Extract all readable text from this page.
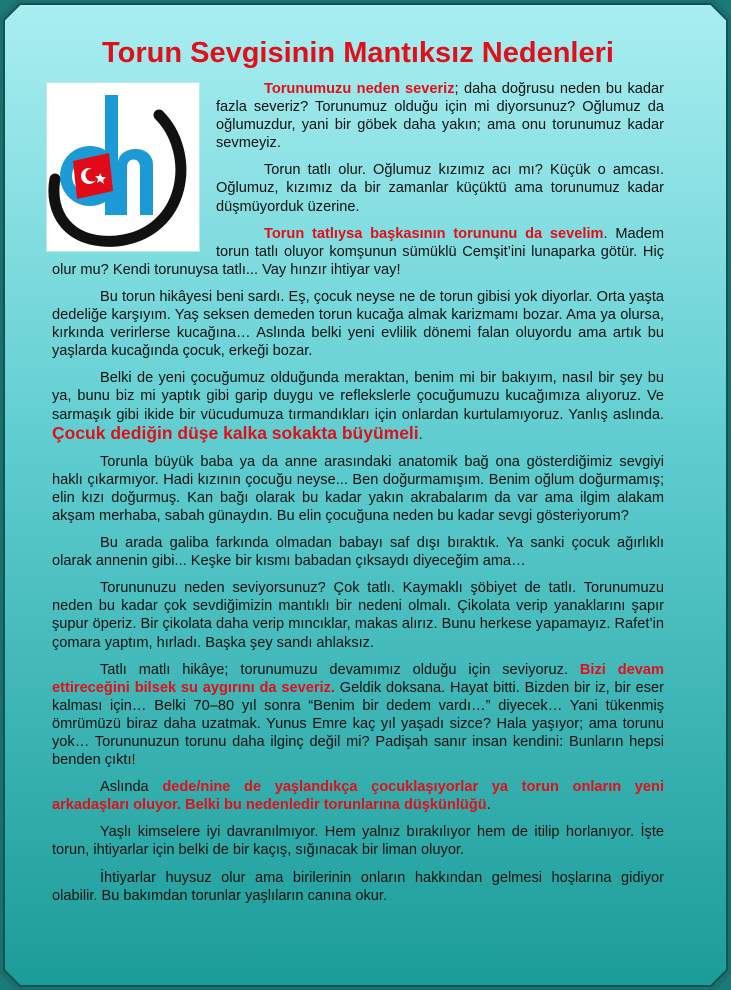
Torun Sevgisinin Mantıksız Nedenleri

Torunumuzu neden severiz; daha doğrusu neden bu kadar fazla severiz? Torunumuz olduğu için mi diyorsunuz? Oğlumuz da oğlumuzdur, yani bir göbek daha yakın; ama onu torunumuz kadar sevmeyiz.

Torun tatlı olur. Oğlumuz kızımız acı mı? Küçük o amcası. Oğlumuz, kızımız da bir zamanlar küçüktü ama torunumuz kadar düşmüyorduk üzerine.

Torun tatlıysa başkasının torununu da sevelim. Madem torun tatlı oluyor komşunun sümüklü Cemşit’ini lunaparka götür. Hiç olur mu? Kendi torunuysa tatlı... Vay hınzır ihtiyar vay!

Bu torun hikâyesi beni sardı. Eş, çocuk neyse ne de torun gibisi yok diyorlar. Orta yaşta dedeliğe karşıyım. Yaş seksen demeden torun kucağa almak karizmamı bozar. Ama ya olursa, kırkında verirlerse kucağına… Aslında belki yeni evlilik dönemi falan oluyordu ama artık bu yaşlarda kucağında çocuk, erkeği bozar.

Belki de yeni çocuğumuz olduğunda meraktan, benim mi bir bakıyım, nasıl bir şey bu ya, bunu biz mi yaptık gibi garip duygu ve reflekslerle çocuğumuzu kucağımıza alıyoruz. Ve sarmaşık gibi ikide bir vücudumuza tırmandıkları için onlardan kurtulamıyoruz. Yanlış aslında. Çocuk dediğin düşe kalka sokakta büyümeli.

Torunla büyük baba ya da anne arasındaki anatomik bağ ona gösterdiğimiz sevgiyi haklı çıkarmıyor. Hadi kızının çocuğu neyse... Ben doğurmamışım. Benim oğlum doğurmamış; elin kızı doğurmuş. Kan bağı olarak bu kadar yakın akrabalarım da var ama ilgim alakam akşam merhaba, sabah günaydın. Bu elin çocuğuna neden bu kadar sevgi gösteriyorum?

Bu arada galiba farkında olmadan babayı saf dışı bıraktık. Ya sanki çocuk ağırlıklı olarak annenin gibi... Keşke bir kısmı babadan çıksaydı diyeceğim ama…

Torununuzu neden seviyorsunuz? Çok tatlı. Kaymaklı şöbiyet de tatlı. Torunumuzu neden bu kadar çok sevdiğimizin mantıklı bir nedeni olmalı. Çikolata verip yanaklarını şapır şupur öperiz. Bir çikolata daha verip mıncıklar, makas alırız. Bunu herkese yapamayız. Rafet’in çomara yaptım, hırladı. Başka şey sandı ahlaksız.

Tatlı matlı hikâye; torunumuzu devamımız olduğu için seviyoruz. Bizi devam ettireceğini bilsek su aygırını da severiz. Geldik doksana. Hayat bitti. Bizden bir iz, bir eser kalması için… Belki 70–80 yıl sonra “Benim bir dedem vardı…” diyecek… Yani tükenmiş ömrümüzü biraz daha uzatmak. Yunus Emre kaç yıl yaşadı sizce? Hala yaşıyor; ama torunu yok… Torununuzun torunu daha ilginç değil mi? Padişah sanır insan kendini: Bunların hepsi benden çıktı!

Aslında dede/nine de yaşlandıkça çocuklaşıyorlar ya torun onların yeni arkadaşları oluyor. Belki bu nedenledir torunlarına düşkünlüğü.

Yaşlı kimselere iyi davranılmıyor. Hem yalnız bırakılıyor hem de itilip horlanıyor. İşte torun, ihtiyarlar için belki de bir kaçış, sığınacak bir liman oluyor.

İhtiyarlar huysuz olur ama birilerinin onların hakkından gelmesi hoşlarına gidiyor olabilir. Bu bakımdan torunlar yaşlıların canına okur.
